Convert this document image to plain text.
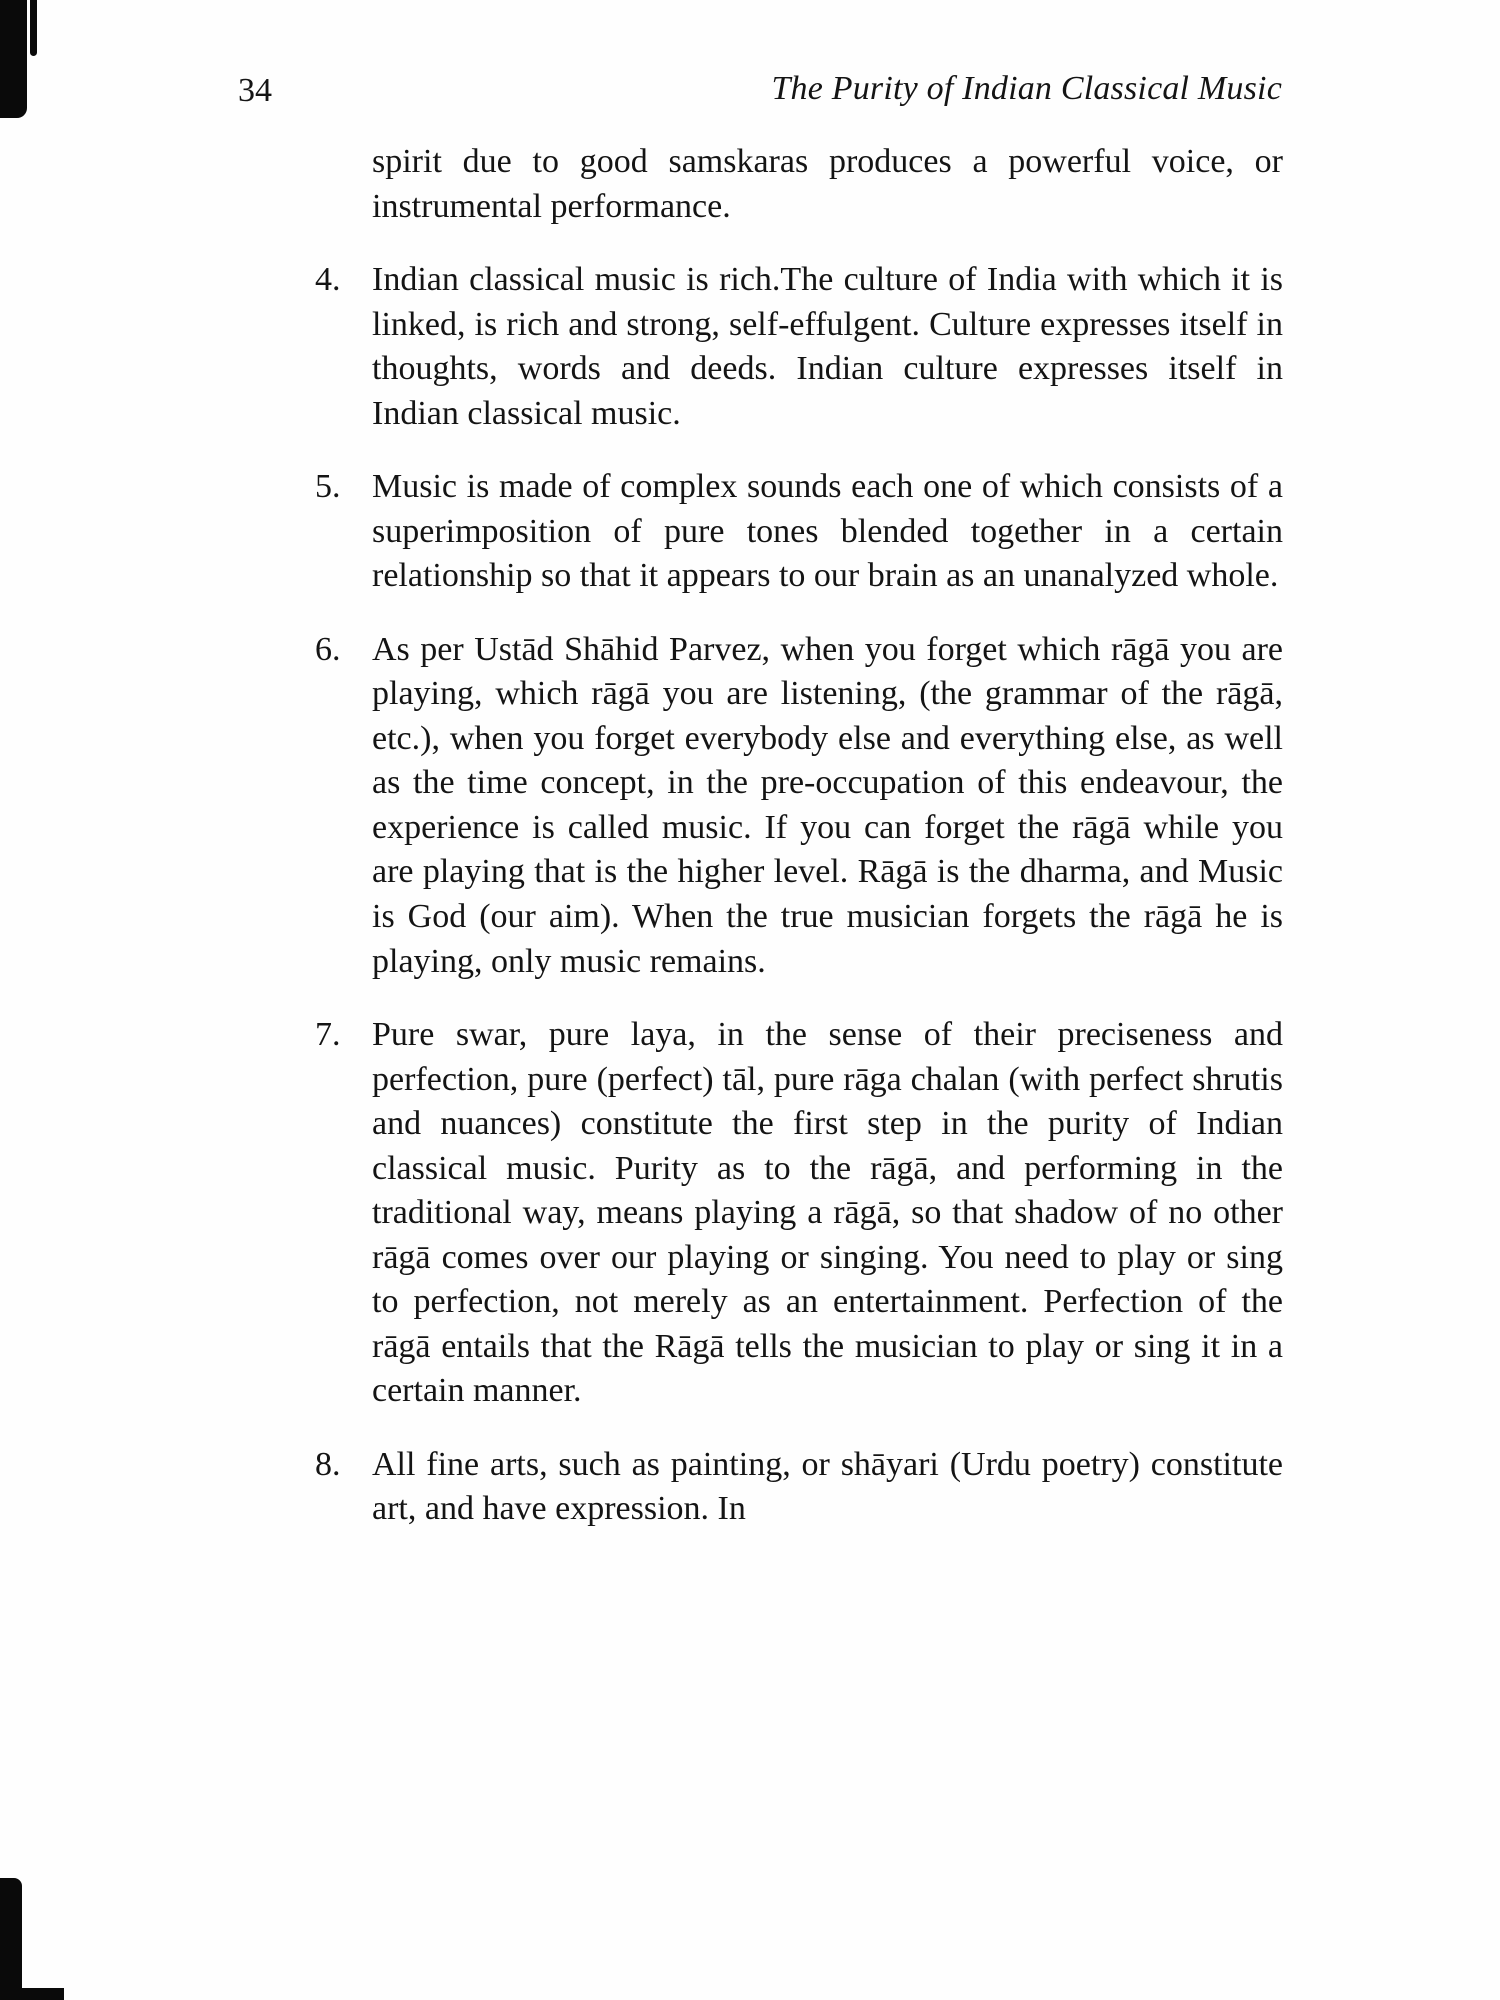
34	The Purity of Indian Classical Music
spirit due to good samskaras produces a powerful voice, or instrumental performance.
4. Indian classical music is rich.The culture of India with which it is linked, is rich and strong, self-effulgent. Culture expresses itself in thoughts, words and deeds. Indian culture expresses itself in Indian classical music.
5. Music is made of complex sounds each one of which consists of a superimposition of pure tones blended together in a certain relationship so that it appears to our brain as an unanalyzed whole.
6. As per Ustād Shāhid Parvez, when you forget which rāgā you are playing, which rāgā you are listening, (the grammar of the rāgā, etc.), when you forget everybody else and everything else, as well as the time concept, in the pre-occupation of this endeavour, the experience is called music. If you can forget the rāgā while you are playing that is the higher level. Rāgā is the dharma, and Music is God (our aim). When the true musician forgets the rāgā he is playing, only music remains.
7. Pure swar, pure laya, in the sense of their preciseness and perfection, pure (perfect) tāl, pure rāga chalan (with perfect shrutis and nuances) constitute the first step in the purity of Indian classical music. Purity as to the rāgā, and performing in the traditional way, means playing a rāgā, so that shadow of no other rāgā comes over our playing or singing. You need to play or sing to perfection, not merely as an entertainment. Perfection of the rāgā entails that the Rāgā tells the musician to play or sing it in a certain manner.
8. All fine arts, such as painting, or shāyari (Urdu poetry) constitute art, and have expression. In
